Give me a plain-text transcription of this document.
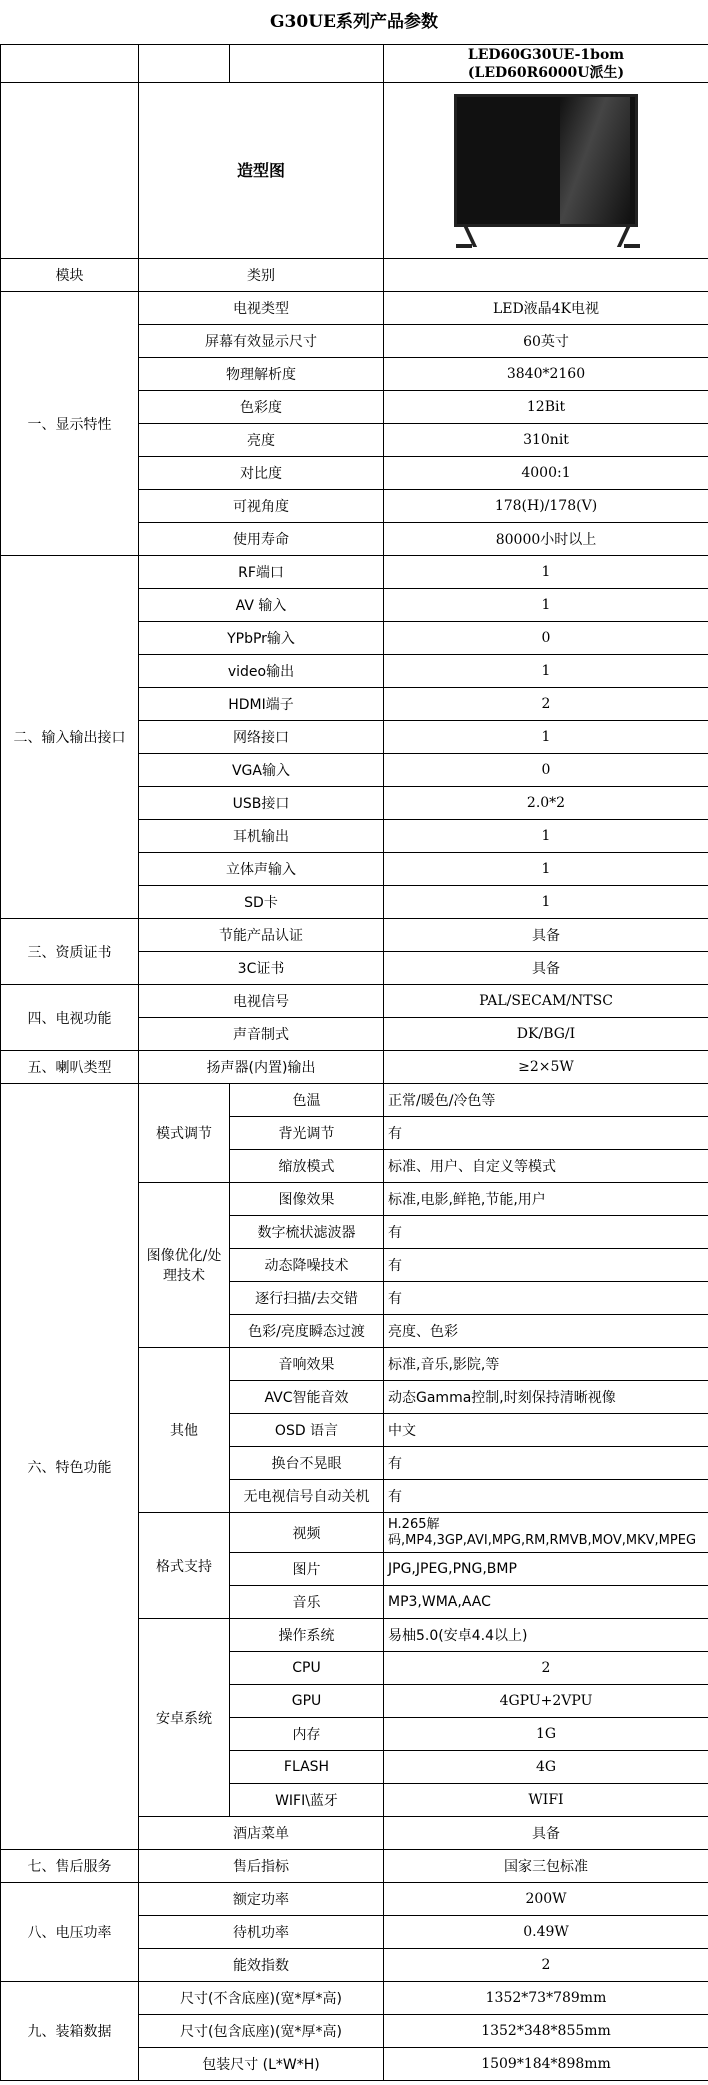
G30UE系列产品参数

			LED60G30UE-1bom
(LED60R6000U派生)

	造型图		

模块	类别		
一、显示特性	电视类型		LED液晶4K电视
	屏幕有效显示尺寸		60英寸
	物理解析度		3840*2160
	色彩度		12Bit
	亮度		310nit
	对比度		4000:1
	可视角度		178(H)/178(V)
	使用寿命		80000小时以上
二、输入输出接口	RF端口		1
	AV 输入		1
	YPbPr输入		0
	video输出		1
	HDMI端子		2
	网络接口		1
	VGA输入		0
	USB接口		2.0*2
	耳机输出		1
	立体声输入		1
	SD卡		1
三、资质证书	节能产品认证		具备
	3C证书		具备
四、电视功能	电视信号		PAL/SECAM/NTSC
	声音制式		DK/BG/I
五、喇叭类型	扬声器(内置)输出		≥2×5W
六、特色功能	模式调节	色温	正常/暖色/冷色等
		背光调节	有
		缩放模式	标准、用户、自定义等模式
	图像优化/处理技术	图像效果	标准,电影,鲜艳,节能,用户
		数字梳状滤波器	有
		动态降噪技术	有
		逐行扫描/去交错	有
		色彩/亮度瞬态过渡	亮度、色彩
	其他	音响效果	标准,音乐,影院,等
		AVC智能音效	动态Gamma控制,时刻保持清晰视像
		OSD 语言	中文
		换台不晃眼	有
		无电视信号自动关机	有
	格式支持	视频	H.265解码,MP4,3GP,AVI,MPG,RM,RMVB,MOV,MKV,MPEG
		图片	JPG,JPEG,PNG,BMP
		音乐	MP3,WMA,AAC
	安卓系统	操作系统	易柚5.0(安卓4.4以上)
		CPU	2
		GPU	4GPU+2VPU
		内存	1G
		FLASH	4G
		WIFI\蓝牙	WIFI
	酒店菜单		具备
七、售后服务	售后指标		国家三包标准
八、电压功率	额定功率		200W
	待机功率		0.49W
	能效指数		2
九、装箱数据	尺寸(不含底座)(宽*厚*高)		1352*73*789mm
	尺寸(包含底座)(宽*厚*高)		1352*348*855mm
	包装尺寸 (L*W*H)		1509*184*898mm
